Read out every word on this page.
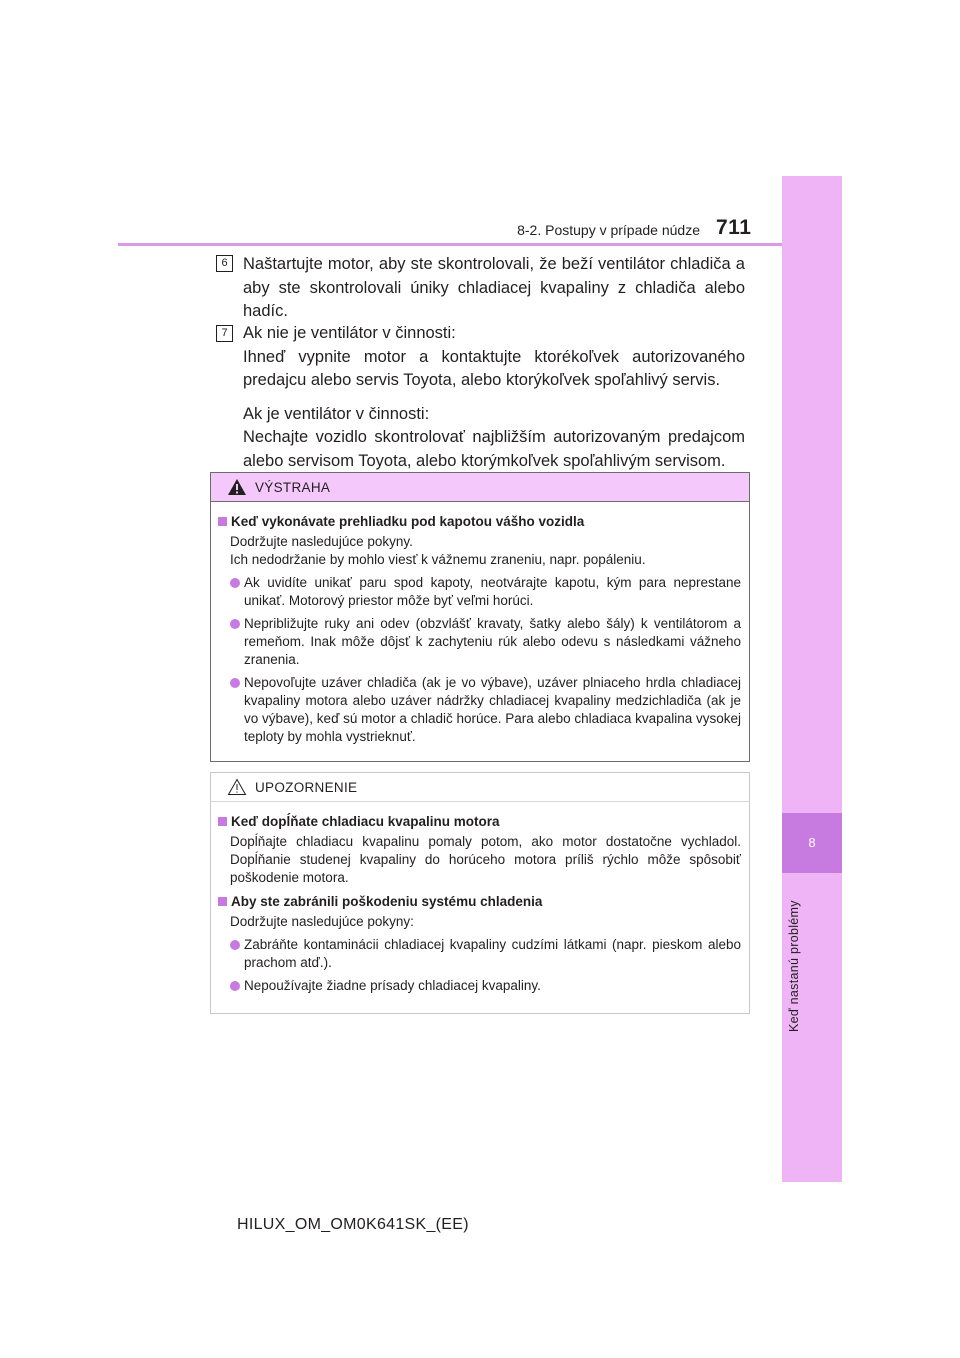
8-2. Postupy v prípade núdze 711
8
Keď nastanú problémy
6 Naštartujte motor, aby ste skontrolovali, že beží ventilátor chladiča a aby ste skontrolovali úniky chladiacej kvapaliny z chladiča alebo hadíc.

7 Ak nie je ventilátor v činnosti:
Ihneď vypnite motor a kontaktujte ktorékoľvek autorizovaného predajcu alebo servis Toyota, alebo ktorýkoľvek spoľahlivý servis.

Ak je ventilátor v činnosti:
Nechajte vozidlo skontrolovať najbližším autorizovaným predajcom alebo servisom Toyota, alebo ktorýmkoľvek spoľahlivým servisom.

VÝSTRAHA
Keď vykonávate prehliadku pod kapotou vášho vozidla
Dodržujte nasledujúce pokyny.
Ich nedodržanie by mohlo viesť k vážnemu zraneniu, napr. popáleniu.
Ak uvidíte unikať paru spod kapoty, neotvárajte kapotu, kým para neprestane unikať. Motorový priestor môže byť veľmi horúci.
Nepribližujte ruky ani odev (obzvlášť kravaty, šatky alebo šály) k ventilátorom a remeňom. Inak môže dôjsť k zachyteniu rúk alebo odevu s následkami vážneho zranenia.
Nepovoľujte uzáver chladiča (ak je vo výbave), uzáver plniaceho hrdla chladiacej kvapaliny motora alebo uzáver nádržky chladiacej kvapaliny medzichladiča (ak je vo výbave), keď sú motor a chladič horúce. Para alebo chladiaca kvapalina vysokej teploty by mohla vystrieknuť.
UPOZORNENIE
Keď dopĺňate chladiacu kvapalinu motora
Dopĺňajte chladiacu kvapalinu pomaly potom, ako motor dostatočne vychladol. Dopĺňanie studenej kvapaliny do horúceho motora príliš rýchlo môže spôsobiť poškodenie motora.
Aby ste zabránili poškodeniu systému chladenia
Dodržujte nasledujúce pokyny:
Zabráňte kontaminácii chladiacej kvapaliny cudzími látkami (napr. pieskom alebo prachom atď.).
Nepoužívajte žiadne prísady chladiacej kvapaliny.
HILUX_OM_OM0K641SK_(EE)
